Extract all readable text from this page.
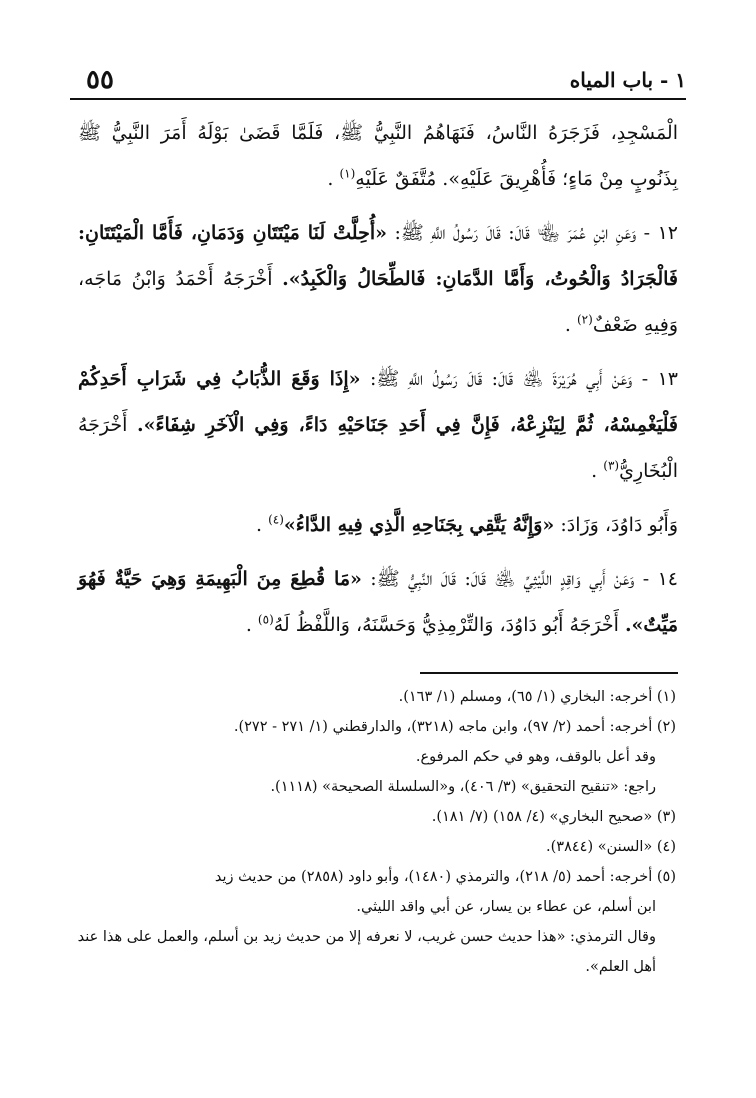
٥٥	١ - باب المياه

الْمَسْجِدِ، فَزَجَرَهُ النَّاسُ، فَنَهَاهُمُ النَّبِيُّ ﷺ، فَلَمَّا قَضَىٰ بَوْلَهُ أَمَرَ النَّبِيُّ ﷺ بِذَنُوبٍ مِنْ مَاءٍ؛ فَأُهْرِيقَ عَلَيْهِ». مُتَّفَقٌ عَلَيْهِ$^{(١)}$ .

١٢ - وَعَنِ ابْنِ عُمَرَ ﵄ قَالَ: قَالَ رَسُولُ اللَّهِ ﷺ: «أُحِلَّتْ لَنَا مَيْتَتَانِ وَدَمَانِ، فَأَمَّا الْمَيْتَتَانِ: فَالْجَرَادُ وَالْحُوتُ، وَأَمَّا الدَّمَانِ: فَالطِّحَالُ وَالْكَبِدُ». أَخْرَجَهُ أَحْمَدُ وَابْنُ مَاجَه، وَفِيهِ ضَعْفٌ$^{(٢)}$ .

١٣ - وَعَنْ أَبِي هُرَيْرَةَ ﵁ قَالَ: قَالَ رَسُولُ اللَّهِ ﷺ: «إِذَا وَقَعَ الذُّبَابُ فِي شَرَابِ أَحَدِكُمْ فَلْيَغْمِسْهُ، ثُمَّ لِيَنْزِعْهُ، فَإِنَّ فِي أَحَدِ جَنَاحَيْهِ دَاءً، وَفِي الْآخَرِ شِفَاءً». أَخْرَجَهُ الْبُخَارِيُّ$^{(٣)}$ .

وَأَبُو دَاوُدَ، وَزَادَ: «وَإِنَّهُ يَتَّقِي بِجَنَاحِهِ الَّذِي فِيهِ الدَّاءُ»$^{(٤)}$ .

١٤ - وَعَنْ أَبِي وَاقِدٍ اللَّيْثِيِّ ﵁ قَالَ: قَالَ النَّبِيُّ ﷺ: «مَا قُطِعَ مِنَ الْبَهِيمَةِ وَهِيَ حَيَّةٌ فَهُوَ مَيِّتٌ». أَخْرَجَهُ أَبُو دَاوُدَ، وَالتِّرْمِذِيُّ وَحَسَّنَهُ، وَاللَّفْظُ لَهُ$^{(٥)}$ .

(١) أخرجه: البخاري (١/ ٦٥)، ومسلم (١/ ١٦٣).

(٢) أخرجه: أحمد (٢/ ٩٧)، وابن ماجه (٣٢١٨)، والدارقطني (١/ ٢٧١ - ٢٧٢).

وقد أعل بالوقف، وهو في حكم المرفوع.

راجع: «تنقيح التحقيق» (٣/ ٤٠٦)، و«السلسلة الصحيحة» (١١١٨).

(٣) «صحيح البخاري» (٤/ ١٥٨) (٧/ ١٨١).

(٤) «السنن» (٣٨٤٤).

(٥) أخرجه: أحمد (٥/ ٢١٨)، والترمذي (١٤٨٠)، وأبو داود (٢٨٥٨) من حديث زيد

ابن أسلم، عن عطاء بن يسار، عن أبي واقد الليثي.

وقال الترمذي: «هذا حديث حسن غريب، لا نعرفه إلا من حديث زيد بن أسلم، والعمل على هذا عند أهل العلم».
